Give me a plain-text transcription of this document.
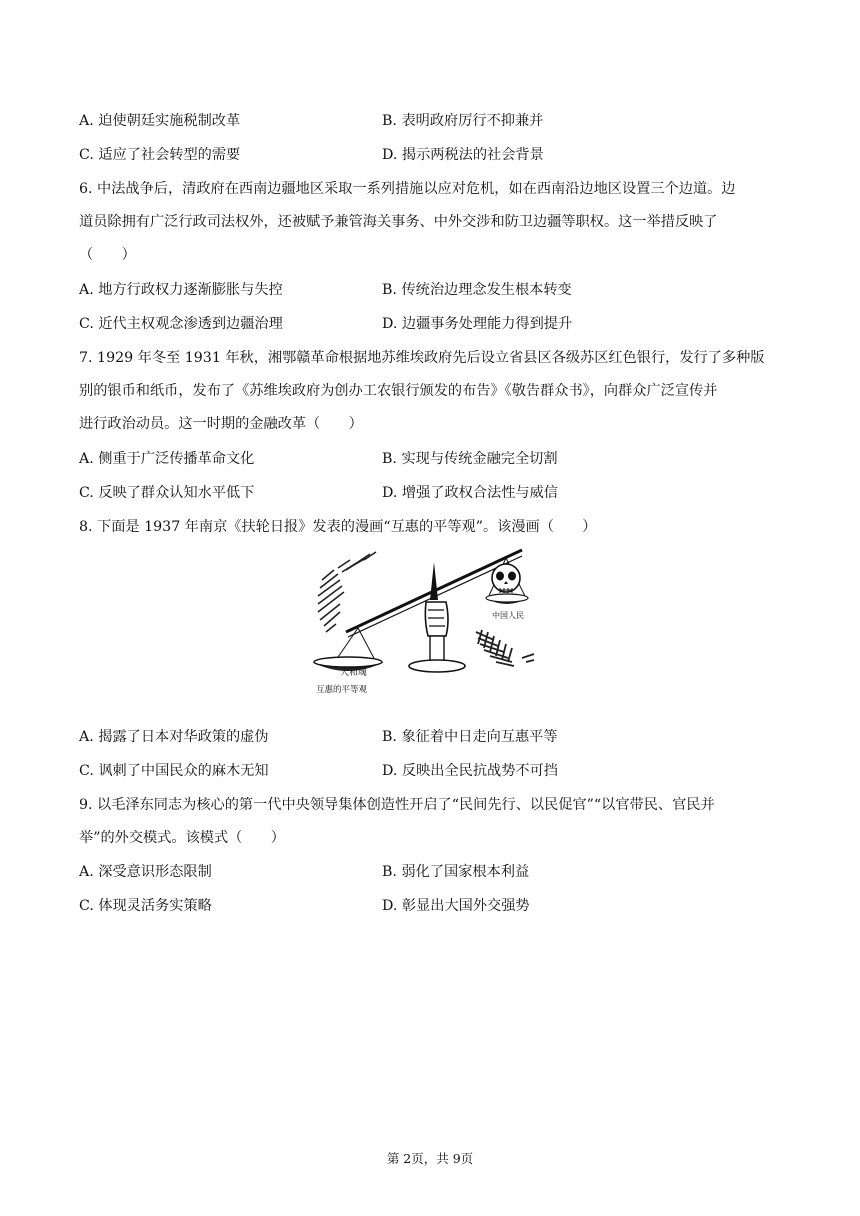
A. 迫使朝廷实施税制改革	B. 表明政府厉行不抑兼并
C. 适应了社会转型的需要	D. 揭示两税法的社会背景
6. 中法战争后，清政府在西南边疆地区采取一系列措施以应对危机，如在西南沿边地区设置三个边道。边
道员除拥有广泛行政司法权外，还被赋予兼管海关事务、中外交涉和防卫边疆等职权。这一举措反映了
（　　）
A. 地方行政权力逐渐膨胀与失控	B. 传统治边理念发生根本转变
C. 近代主权观念渗透到边疆治理	D. 边疆事务处理能力得到提升
7. 1929 年冬至 1931 年秋，湘鄂赣革命根据地苏维埃政府先后设立省县区各级苏区红色银行，发行了多种版
别的银币和纸币，发布了《苏维埃政府为创办工农银行颁发的布告》《敬告群众书》，向群众广泛宣传并
进行政治动员。这一时期的金融改革（　　）
A. 侧重于广泛传播革命文化	B. 实现与传统金融完全切割
C. 反映了群众认知水平低下	D. 增强了政权合法性与威信
8. 下面是 1937 年南京《扶轮日报》发表的漫画“互惠的平等观”。该漫画（　　）
大和魂
中国人民
互惠的平等观
A. 揭露了日本对华政策的虚伪	B. 象征着中日走向互惠平等
C. 讽刺了中国民众的麻木无知	D. 反映出全民抗战势不可挡
9. 以毛泽东同志为核心的第一代中央领导集体创造性开启了“民间先行、以民促官”“以官带民、官民并
举”的外交模式。该模式（　　）
A. 深受意识形态限制	B. 弱化了国家根本利益
C. 体现灵活务实策略	D. 彰显出大国外交强势
第 2页，共 9页
